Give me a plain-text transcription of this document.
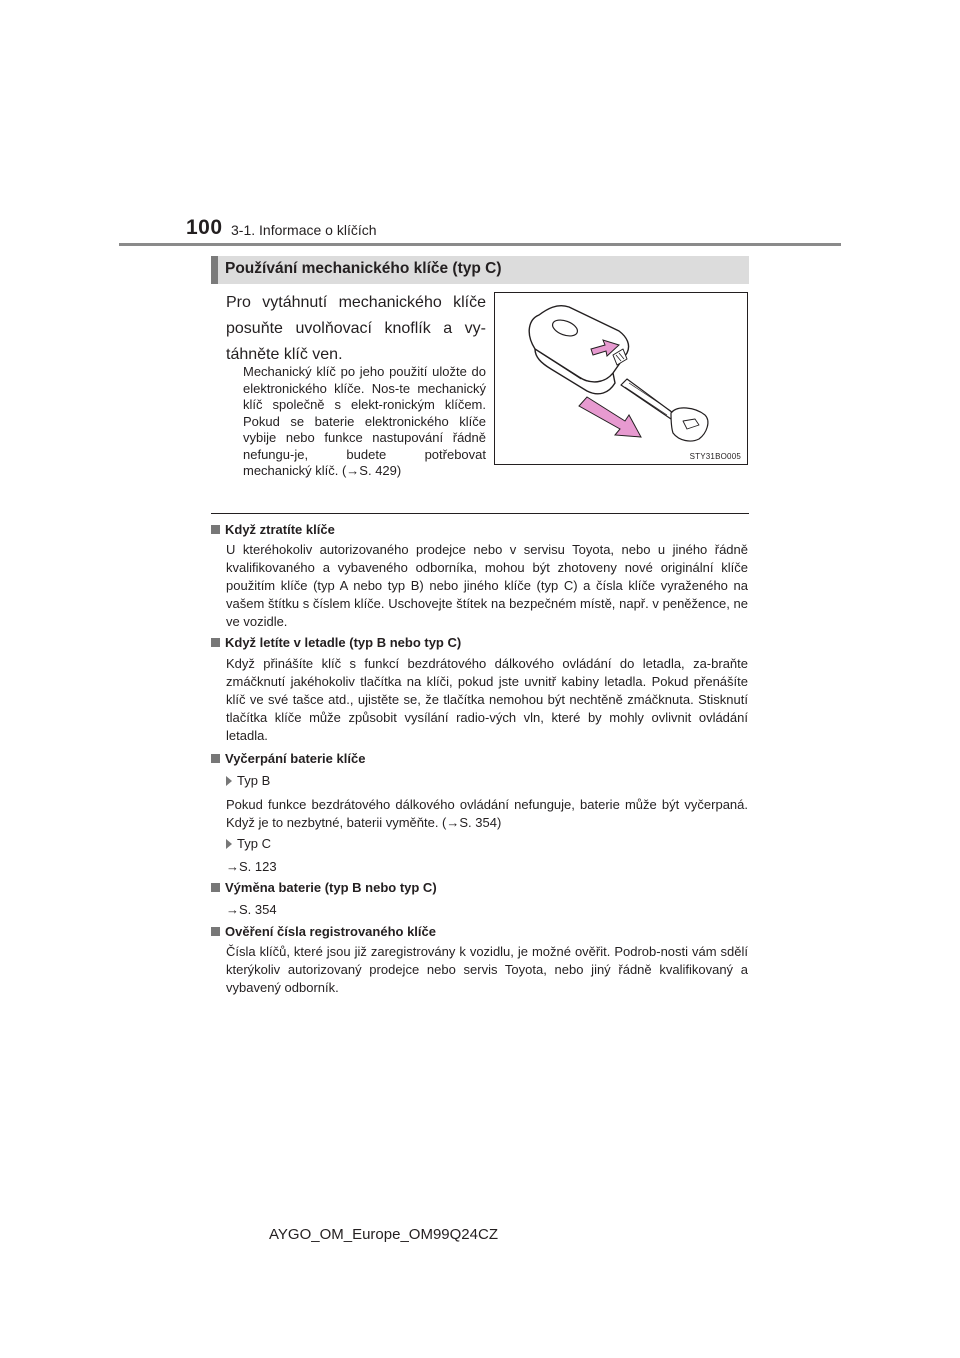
100 3-1. Informace o klíčích
Používání mechanického klíče (typ C)
Pro vytáhnutí mechanického klíče posuňte uvolňovací knoflík a vy-táhněte klíč ven.
Mechanický klíč po jeho použití uložte do elektronického klíče. Nos-te mechanický klíč společně s elekt-ronickým klíčem. Pokud se baterie elektronického klíče vybije nebo funkce nastupování řádně nefungu-je, budete potřebovat mechanický klíč. (→S. 429)
STY31BO005
Když ztratíte klíče
U kteréhokoliv autorizovaného prodejce nebo v servisu Toyota, nebo u jiného řádně kvalifikovaného a vybaveného odborníka, mohou být zhotoveny nové originální klíče použitím klíče (typ A nebo typ B) nebo jiného klíče (typ C) a čísla klíče vyraženého na vašem štítku s číslem klíče. Uschovejte štítek na bezpečném místě, např. v peněžence, ne ve vozidle.
Když letíte v letadle (typ B nebo typ C)
Když přinášíte klíč s funkcí bezdrátového dálkového ovládání do letadla, za-braňte zmáčknutí jakéhokoliv tlačítka na klíči, pokud jste uvnitř kabiny letadla. Pokud přenášíte klíč ve své tašce atd., ujistěte se, že tlačítka nemohou být nechtěně zmáčknuta. Stisknutí tlačítka klíče může způsobit vysílání radio-vých vln, které by mohly ovlivnit ovládání letadla.
Vyčerpání baterie klíče
Typ B
Pokud funkce bezdrátového dálkového ovládání nefunguje, baterie může být vyčerpaná. Když je to nezbytné, baterii vyměňte. (→S. 354)
Typ C
→S. 123
Výměna baterie (typ B nebo typ C)
→S. 354
Ověření čísla registrovaného klíče
Čísla klíčů, které jsou již zaregistrovány k vozidlu, je možné ověřit. Podrob-nosti vám sdělí kterýkoliv autorizovaný prodejce nebo servis Toyota, nebo jiný řádně kvalifikovaný a vybavený odborník.
AYGO_OM_Europe_OM99Q24CZ
